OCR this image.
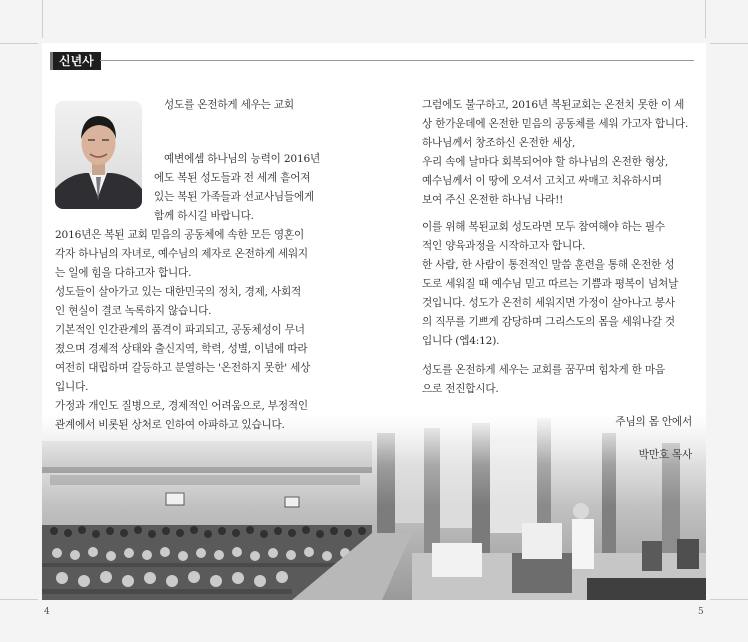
신년사
성도를 온전하게 세우는 교회
예변에셈 하나님의 능력이 2016년
에도 복된 성도들과 전 세계 흩어져
있는 복된 가족들과 선교사님들에게
함께 하시길 바랍니다.
2016년은 복된 교회 믿음의 공동체에 속한 모든 영혼이
각자 하나님의 자녀로, 예수님의 제자로 온전하게 세워지
는 일에 힘을 다하고자 합니다.
성도들이 살아가고 있는 대한민국의 정치, 경제, 사회적
인 현실이 결코 녹록하지 않습니다.
기본적인 인간관계의 품격이 파괴되고, 공동체성이 무너
졌으며 경제적 상태와 출신지역, 학력, 성별, 이념에 따라
여전히 대립하며 갈등하고 분열하는 '온전하지 못한' 세상
입니다.
가정과 개인도 질병으로, 경제적인 어려움으로, 부정적인
관계에서 비롯된 상처로 인하여 아파하고 있습니다.
그럼에도 불구하고, 2016년 복된교회는 온전치 못한 이 세
상 한가운데에 온전한 믿음의 공동체를 세워 가고자 합니다.
하나님께서 창조하신 온전한 세상,
우리 속에 날마다 회복되어야 할 하나님의 온전한 형상,
예수님께서 이 땅에 오셔서 고치고 싸매고 치유하시며
보여 주신 온전한 하나님 나라!!
이를 위해 복된교회 성도라면 모두 참여해야 하는 필수
적인 양육과정을 시작하고자 합니다.
한 사람, 한 사람이 통전적인 말씀 훈련을 통해 온전한 성
도로 세워질 때 예수님 믿고 따르는 기쁨과 평복이 넘쳐날
것입니다. 성도가 온전히 세워지면 가정이 살아나고 봉사
의 직무를 기쁘게 감당하며 그리스도의 몸을 세워나갈 것
입니다 (엡4:12).
성도를 온전하게 세우는 교회를 꿈꾸며 힘차게 한 마음
으로 전진합시다.
주님의 몸 안에서
박만호 목사
4	5
